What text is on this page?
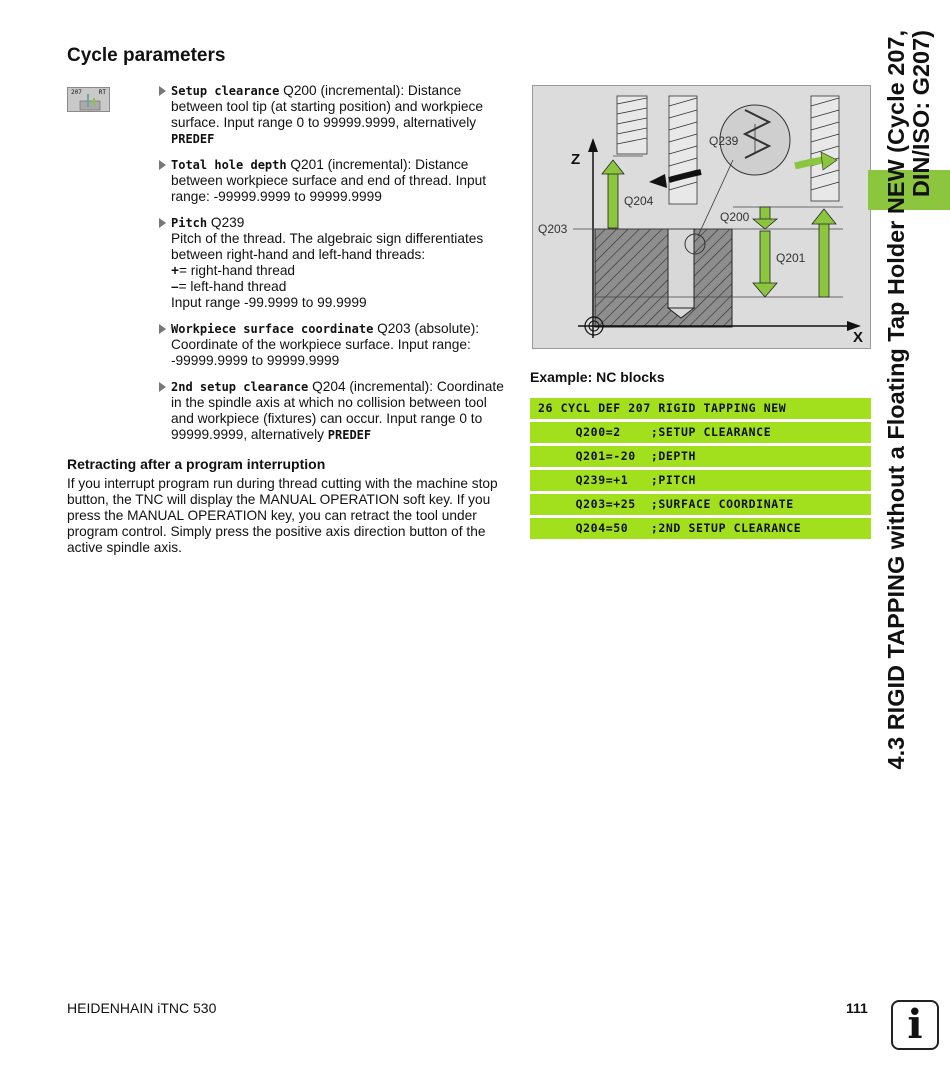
Cycle parameters
207	RT	Setup clearance Q200 (incremental): Distance between tool tip (at starting position) and workpiece surface. Input range 0 to 99999.9999, alternatively PREDEF
Total hole depth Q201 (incremental): Distance between workpiece surface and end of thread. Input range: -99999.9999 to 99999.9999
Pitch Q239
Pitch of the thread. The algebraic sign differentiates between right-hand and left-hand threads:
+= right-hand thread
–= left-hand thread
Input range -99.9999 to 99.9999
Workpiece surface coordinate Q203 (absolute): Coordinate of the workpiece surface. Input range: -99999.9999 to 99999.9999
2nd setup clearance Q204 (incremental): Coordinate in the spindle axis at which no collision between tool and workpiece (fixtures) can occur. Input range 0 to 99999.9999, alternatively PREDEF
Retracting after a program interruption
If you interrupt program run during thread cutting with the machine stop button, the TNC will display the MANUAL OPERATION soft key. If you press the MANUAL OPERATION key, you can retract the tool under program control. Simply press the positive axis direction button of the active spindle axis.
Z
X
Q203
Q204
Q200
Q201
Q239
Example: NC blocks
26 CYCL DEF 207 RIGID TAPPING NEW
Q200=2    ;SETUP CLEARANCE
Q201=-20  ;DEPTH
Q239=+1   ;PITCH
Q203=+25  ;SURFACE COORDINATE
Q204=50   ;2ND SETUP CLEARANCE	4.3 RIGID TAPPING without a Floating Tap Holder NEW (Cycle 207, DIN/ISO: G207)
HEIDENHAIN iTNC 530	111 i
